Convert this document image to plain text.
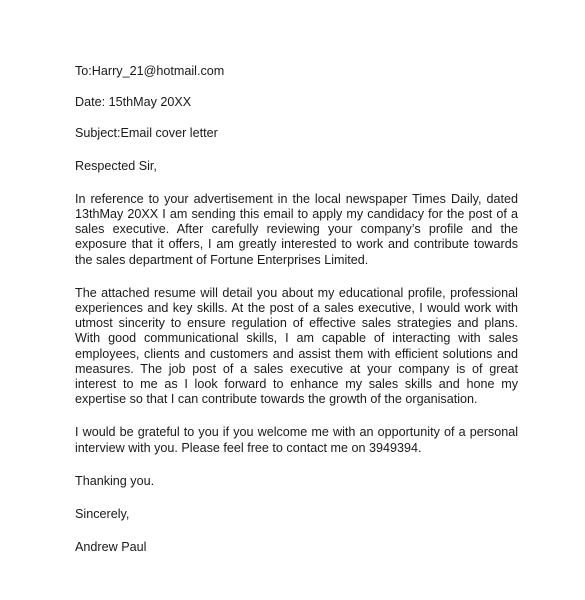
To:Harry_21@hotmail.com

Date: 15thMay 20XX

Subject:Email cover letter

Respected Sir,

In reference to your advertisement in the local newspaper Times Daily, dated 13thMay 20XX I am sending this email to apply my candidacy for the post of a sales executive. After carefully reviewing your company’s profile and the exposure that it offers, I am greatly interested to work and contribute towards the sales department of Fortune Enterprises Limited.

The attached resume will detail you about my educational profile, professional experiences and key skills. At the post of a sales executive, I would work with utmost sincerity to ensure regulation of effective sales strategies and plans. With good communicational skills, I am capable of interacting with sales employees, clients and customers and assist them with efficient solutions and measures. The job post of a sales executive at your company is of great interest to me as I look forward to enhance my sales skills and hone my expertise so that I can contribute towards the growth of the organisation.

I would be grateful to you if you welcome me with an opportunity of a personal interview with you. Please feel free to contact me on 3949394.

Thanking you.

Sincerely,

Andrew Paul
